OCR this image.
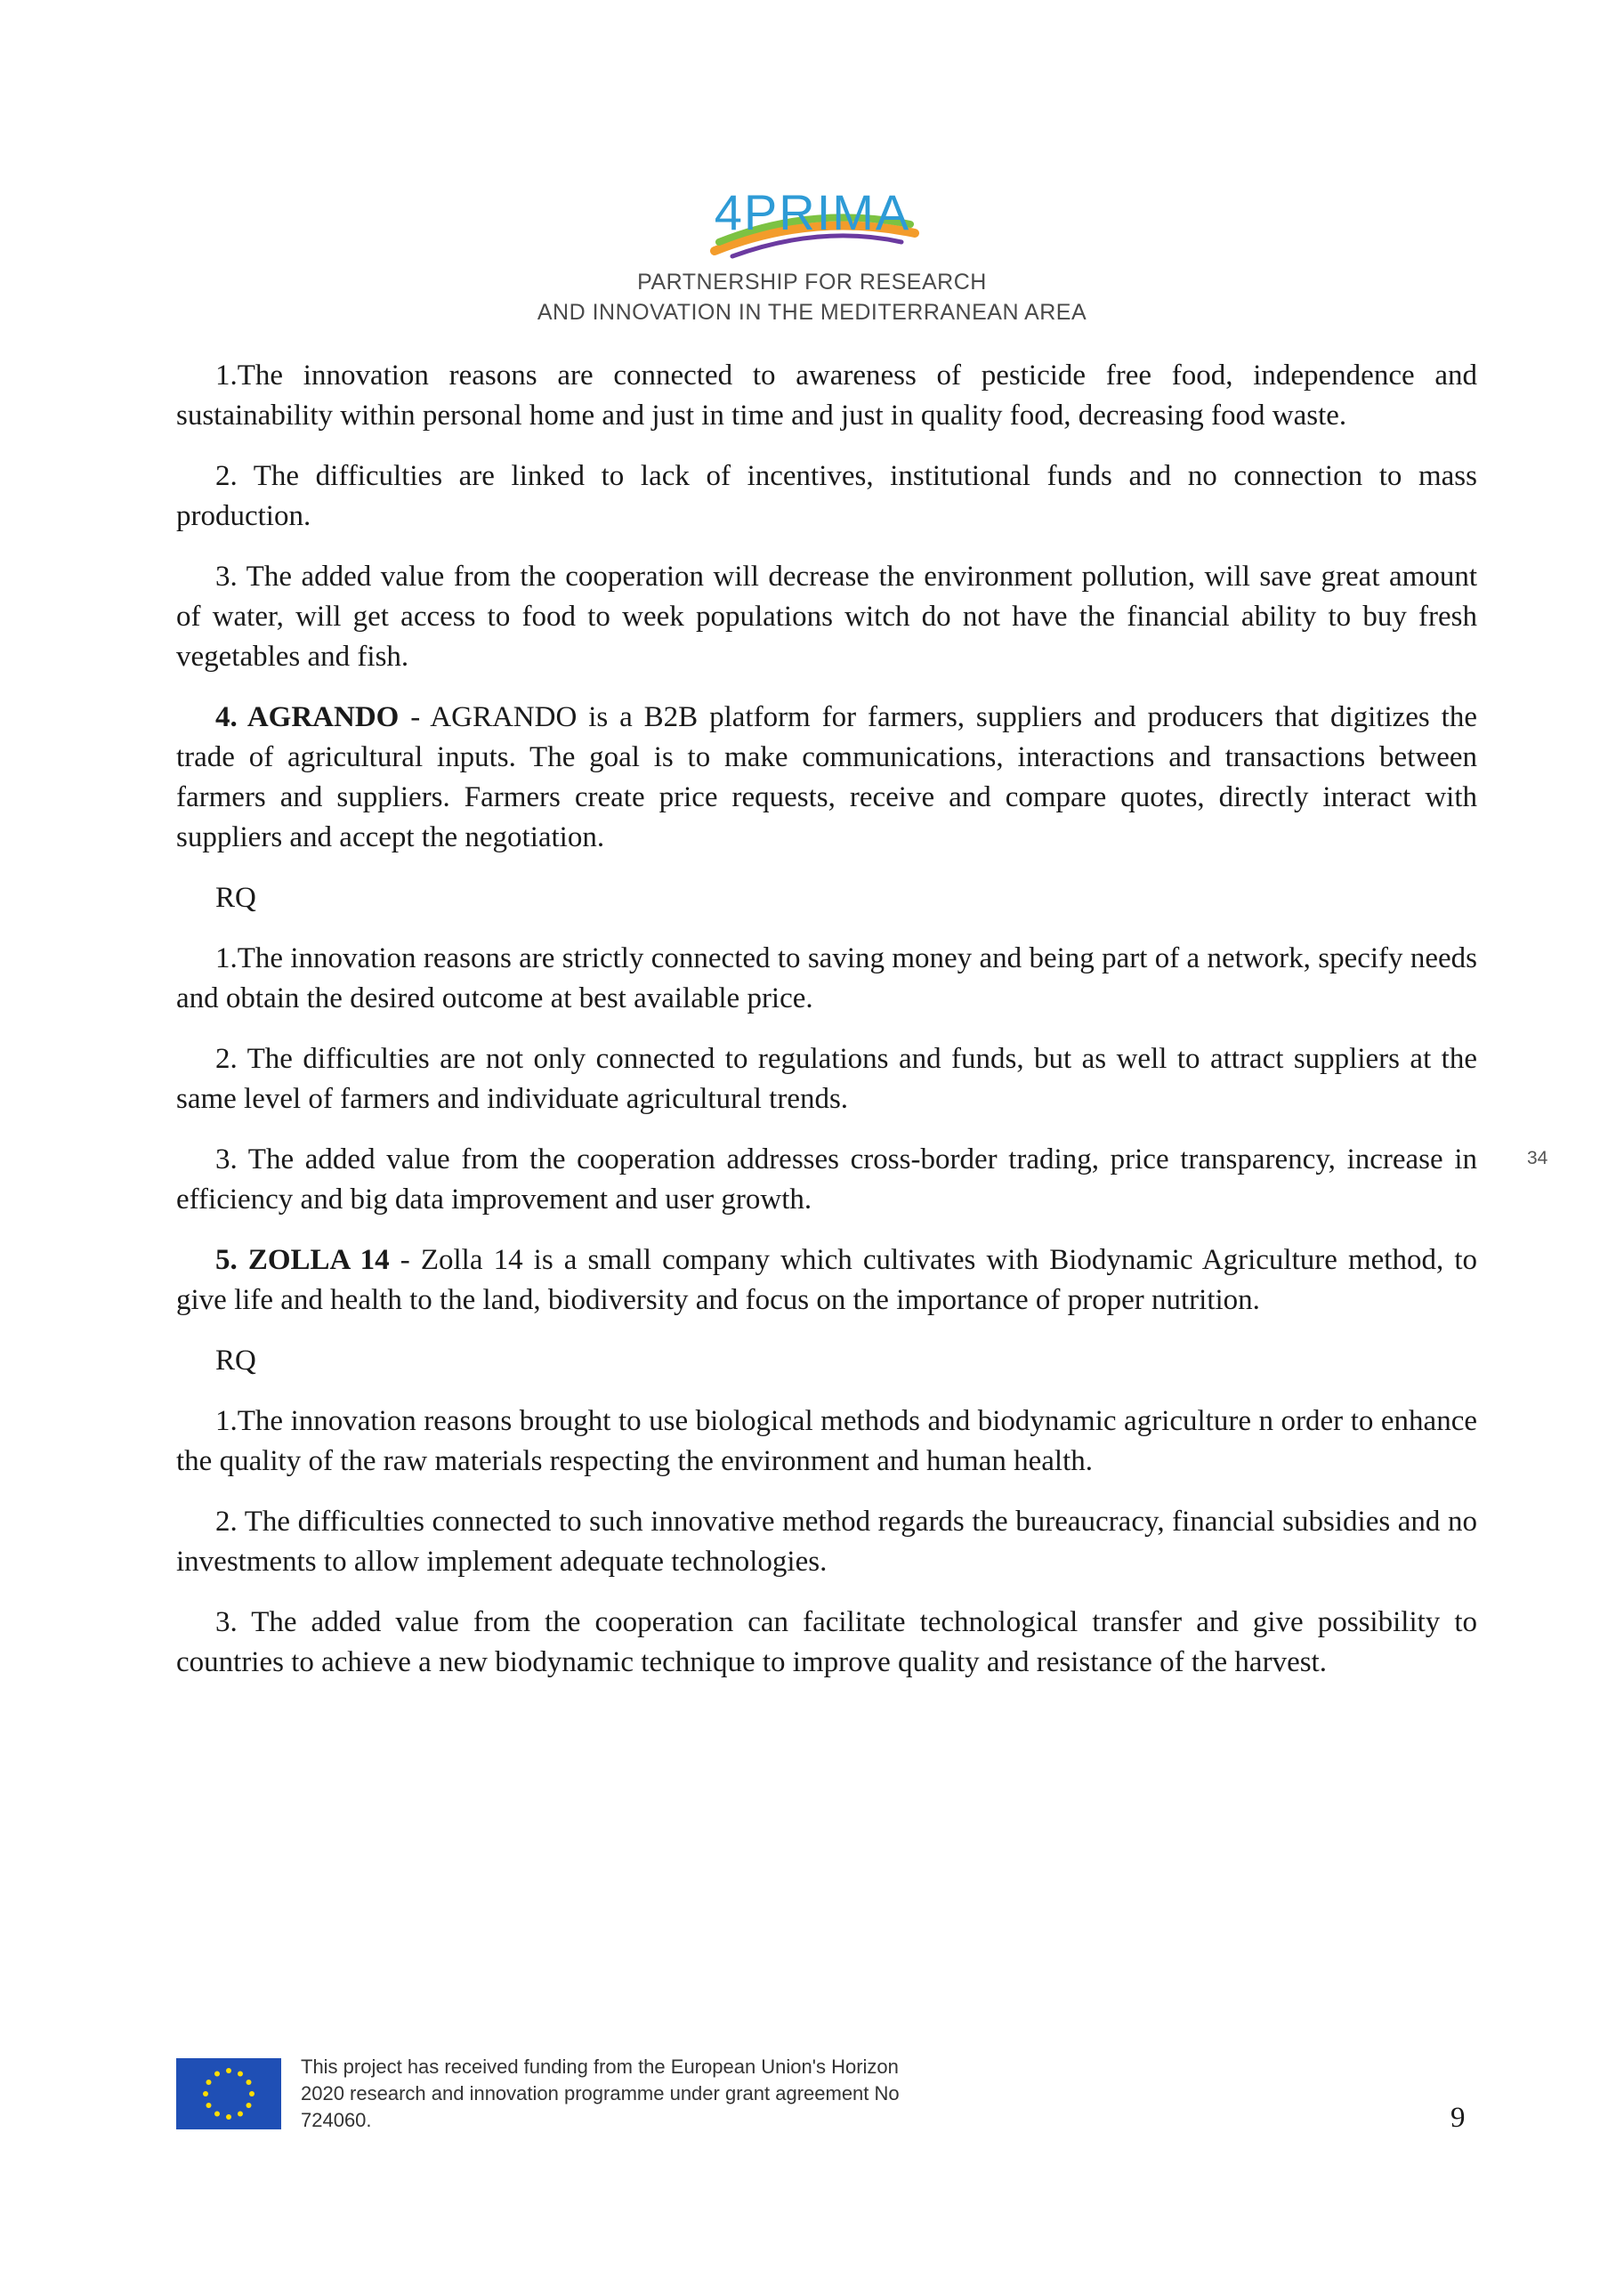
4PRIMA
PARTNERSHIP FOR RESEARCH
AND INNOVATION IN THE MEDITERRANEAN AREA

1.The innovation reasons are connected to awareness of pesticide free food, independence and sustainability within personal home and just in time and just in quality food, decreasing food waste.

2. The difficulties are linked to lack of incentives, institutional funds and no connection to mass production.

3. The added value from the cooperation will decrease the environment pollution, will save great amount of water, will get access to food to week populations witch do not have the financial ability to buy fresh vegetables and fish.

4. AGRANDO - AGRANDO is a B2B platform for farmers, suppliers and producers that digitizes the trade of agricultural inputs. The goal is to make communications, interactions and transactions between farmers and suppliers. Farmers create price requests, receive and compare quotes, directly interact with suppliers and accept the negotiation.

RQ

1.The innovation reasons are strictly connected to saving money and being part of a network, specify needs and obtain the desired outcome at best available price.

2. The difficulties are not only connected to regulations and funds, but as well to attract suppliers at the same level of farmers and individuate agricultural trends.

3. The added value from the cooperation addresses cross-border trading, price transparency, increase in efficiency and big data improvement and user growth.

5. ZOLLA 14 - Zolla 14 is a small company which cultivates with Biodynamic Agriculture method, to give life and health to the land, biodiversity and focus on the importance of proper nutrition.

RQ

1.The innovation reasons brought to use biological methods and biodynamic agriculture n order to enhance the quality of the raw materials respecting the environment and human health.

2. The difficulties connected to such innovative method regards the bureaucracy, financial subsidies and no investments to allow implement adequate technologies.

3. The added value from the cooperation can facilitate technological transfer and give possibility to countries to achieve a new biodynamic technique to improve quality and resistance of the harvest.

34
This project has received funding from the European Union's Horizon
2020 research and innovation programme under grant agreement No
724060.	9
